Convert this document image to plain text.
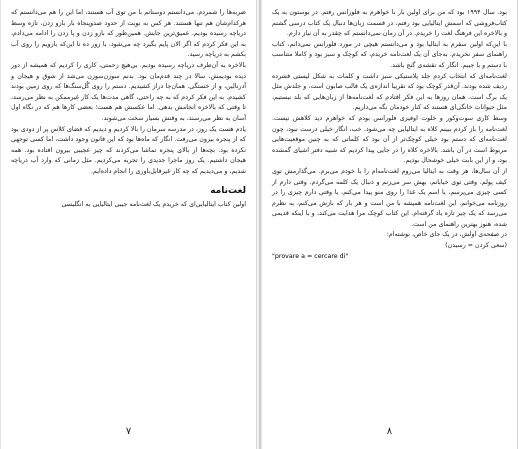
ضربه‌ها را شمردم. می‌دانستم دوستانم با من توی آب هستند، اما این را هم می‌دانستم که هرکدام‌شان هم تنها هستند. هر کس به نوبت از حدود صدوپنجاه بار بازو زدن، تازه وسط دریاچه رسیده بودیم. عمیق‌ترین جایش. همین‌طور که بازو زدن و پا زدن را ادامه می‌دادم، به این فکر کردم که اگر الان پایم بگیرد چه می‌شود. با زور ده تا این‌که بازویم را روی آب بکشم به دریاچه رسید.

بالاخره به آن‌طرف دریاچه رسیده بودیم. بی‌هیچ زحمتی، کاری را کردیم که همیشه از دور دیده بودیمش، سالا در چند قدم‌مان بود. بدنم سوزن‌سوزن می‌شد از شوق و هیجان و آدرنالین، و از خستگی. همان‌جا دراز کشیدیم. دستم را روی گُل‌سنگ‌ها که روی زمین بودند کشیدم. به این فکر کردم که به چه راحتی، گاهی مدت‌ها یک کار غیرممکن به نظر می‌رسد، تا وقتی که بالاخره انجامش بدهی. اما عکسش هم هست؛ بعضی کارها هم که در نگاه اول آسان به نظر می‌رسند، به وقتش بسیار سخت می‌شوند.

یادم هست یک روز، در مدرسه سرمان را بالا کردیم و دیدیم که فضای کلاس پر از دودی بود که از پنجره بیرون می‌رفت. انگار که ماه‌ها بود که این قانون وجود داشت، اما کسی توجهی نکرده بود. بچه‌ها از بالای پنجره تماشا می‌کردند که چیز عجیبی بیرون افتاده بود. همه هیجان داشتیم. یک روز ماجرا جدیدی را تجربه می‌کردیم. مثل زمانی که وارد آب دریاچه شدیم، و می‌دیدیم که چه کار غیرقابل‌باوری را انجام داده‌ایم.

لغت‌نامه

اولین کتاب ایتالیایی‌ای که خریدم یک لغت‌نامه جیبی ایتالیایی به انگلیسی

۷

بود. سال ۱۹۹۴ بود که من برای اولین بار با خواهرم به فلورانس رفتم. در بوستون به یک کتاب‌فروشی که اسمش ایتالیایی بود رفتم، در قسمت زبان‌ها دنبال یک کتاب درسی گشتم و بالاخره این فرهنگ لغت را خریدم. در آن زمان نمی‌دانستم که چقدر به آن نیاز دارم.

با این‌که اولین سفرم به ایتالیا بود و می‌دانستم هیچی در مورد فلورانس نمی‌دانم، کتاب راهنمای سفر نخریدم. به‌جای آن یک لغت‌نامه خریدم، که کوچک و سبز بود و کاملا متناسب با دستم و با جیبم. انگار که نقشه‌ی گنج باشد.

لغت‌نامه‌ای که انتخاب کردم جلد پلاستیکی سبز داشت و کلمات به شکل لیستی فشرده ردیف شده بودند. آن‌قدر کوچک بود که تقریبا اندازه‌ی یک قالب صابون است، و جلدش مثل یک برگ است. همان روزها به این فکر افتادم که لغت‌نامه‌ها از زبان‌هایی که بلد نیستیم، مثل حیوانات خانگی‌ای هستند که کنار خودمان نگه می‌داریم.

وسط کاری سوت‌وکور و خلوت اوفیزی فلورانس بودم که خواهرم دید کلاهش نیست. لغت‌نامه را باز کردم ببینم کلاه به ایتالیایی چه می‌شود. خب، انگار خیلی درست نبود، چون لغت‌نامه‌ای که دستم بود خیلی کوچک‌تر از آن بود که کلماتی که به چنین موقعیت‌هایی مربوط است در آن باشد. بالاخره کلاه را در جایی پیدا کردیم که شبیه دفتر اشیای گمشده بود، و از این بابت خیلی خوشحال بودیم.

از آن سال‌ها، هر وقت به ایتالیا می‌روم لغت‌نامه‌ام را با خودم می‌برم. می‌گذارمش توی کیف پولم. وقتی توی خیابانم، بهش سر می‌زنم و دنبال یک کلمه می‌گردم. وقتی دارم از کسی چیزی می‌پرسم، یا اسم یک غذا را روی منو پیدا می‌کنم، یا وقتی دارم چیزی را در روزنامه می‌خوانم. این لغت‌نامه همیشه با من است و هر بار که بازش می‌کنم، به نظرم می‌رسد که یک چیز تازه یاد گرفته‌ام. این کتاب کوچک مرا هدایت می‌کند، و با اینکه قدیمی شده، هنوز بهترین راهنمای من است.

در صفحه‌ی اولش، در یک جای خاص، نوشته‌ام:

(سعی کردن = رسیدن)

"provare a = cercare di"
۸
